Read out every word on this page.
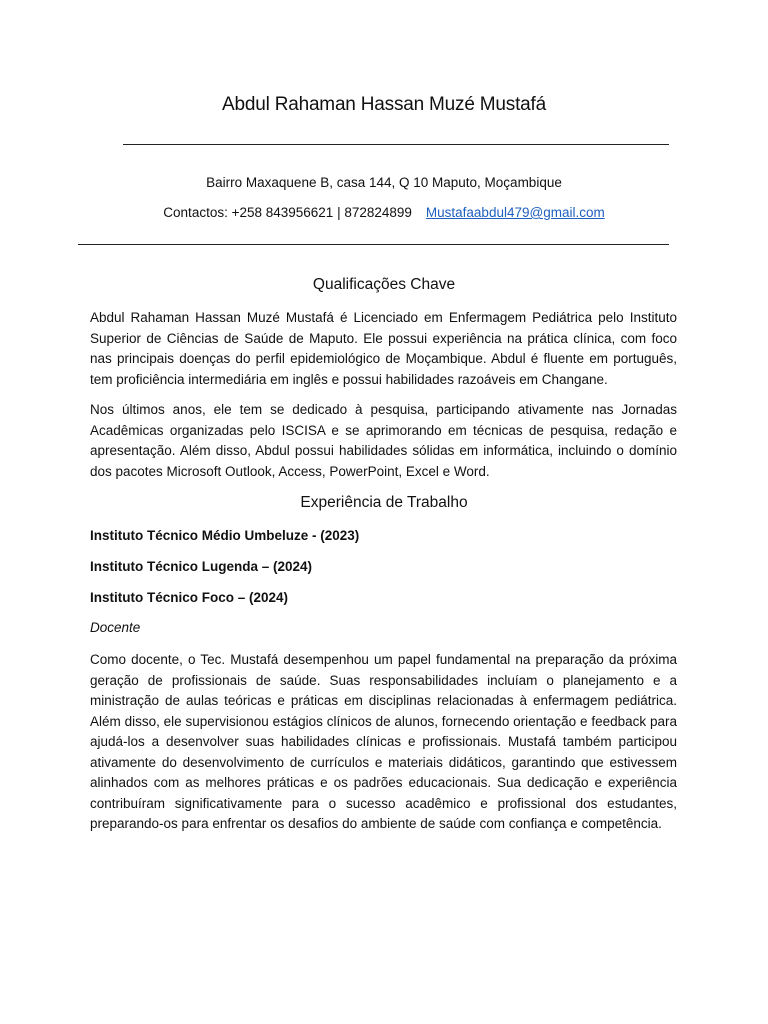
Abdul Rahaman Hassan Muzé Mustafá
Bairro Maxaquene B, casa 144, Q 10 Maputo, Moçambique
Contactos: +258 843956621 | 872824899 Mustafaabdul479@gmail.com
Qualificações Chave

Abdul Rahaman Hassan Muzé Mustafá é Licenciado em Enfermagem Pediátrica pelo Instituto Superior de Ciências de Saúde de Maputo. Ele possui experiência na prática clínica, com foco nas principais doenças do perfil epidemiológico de Moçambique. Abdul é fluente em português, tem proficiência intermediária em inglês e possui habilidades razoáveis em Changane.

Nos últimos anos, ele tem se dedicado à pesquisa, participando ativamente nas Jornadas Acadêmicas organizadas pelo ISCISA e se aprimorando em técnicas de pesquisa, redação e apresentação. Além disso, Abdul possui habilidades sólidas em informática, incluindo o domínio dos pacotes Microsoft Outlook, Access, PowerPoint, Excel e Word.

Experiência de Trabalho
Instituto Técnico Médio Umbeluze - (2023)
Instituto Técnico Lugenda – (2024)
Instituto Técnico Foco – (2024)
Docente

Como docente, o Tec. Mustafá desempenhou um papel fundamental na preparação da próxima geração de profissionais de saúde. Suas responsabilidades incluíam o planejamento e a ministração de aulas teóricas e práticas em disciplinas relacionadas à enfermagem pediátrica. Além disso, ele supervisionou estágios clínicos de alunos, fornecendo orientação e feedback para ajudá-los a desenvolver suas habilidades clínicas e profissionais. Mustafá também participou ativamente do desenvolvimento de currículos e materiais didáticos, garantindo que estivessem alinhados com as melhores práticas e os padrões educacionais. Sua dedicação e experiência contribuíram significativamente para o sucesso acadêmico e profissional dos estudantes, preparando-os para enfrentar os desafios do ambiente de saúde com confiança e competência.
